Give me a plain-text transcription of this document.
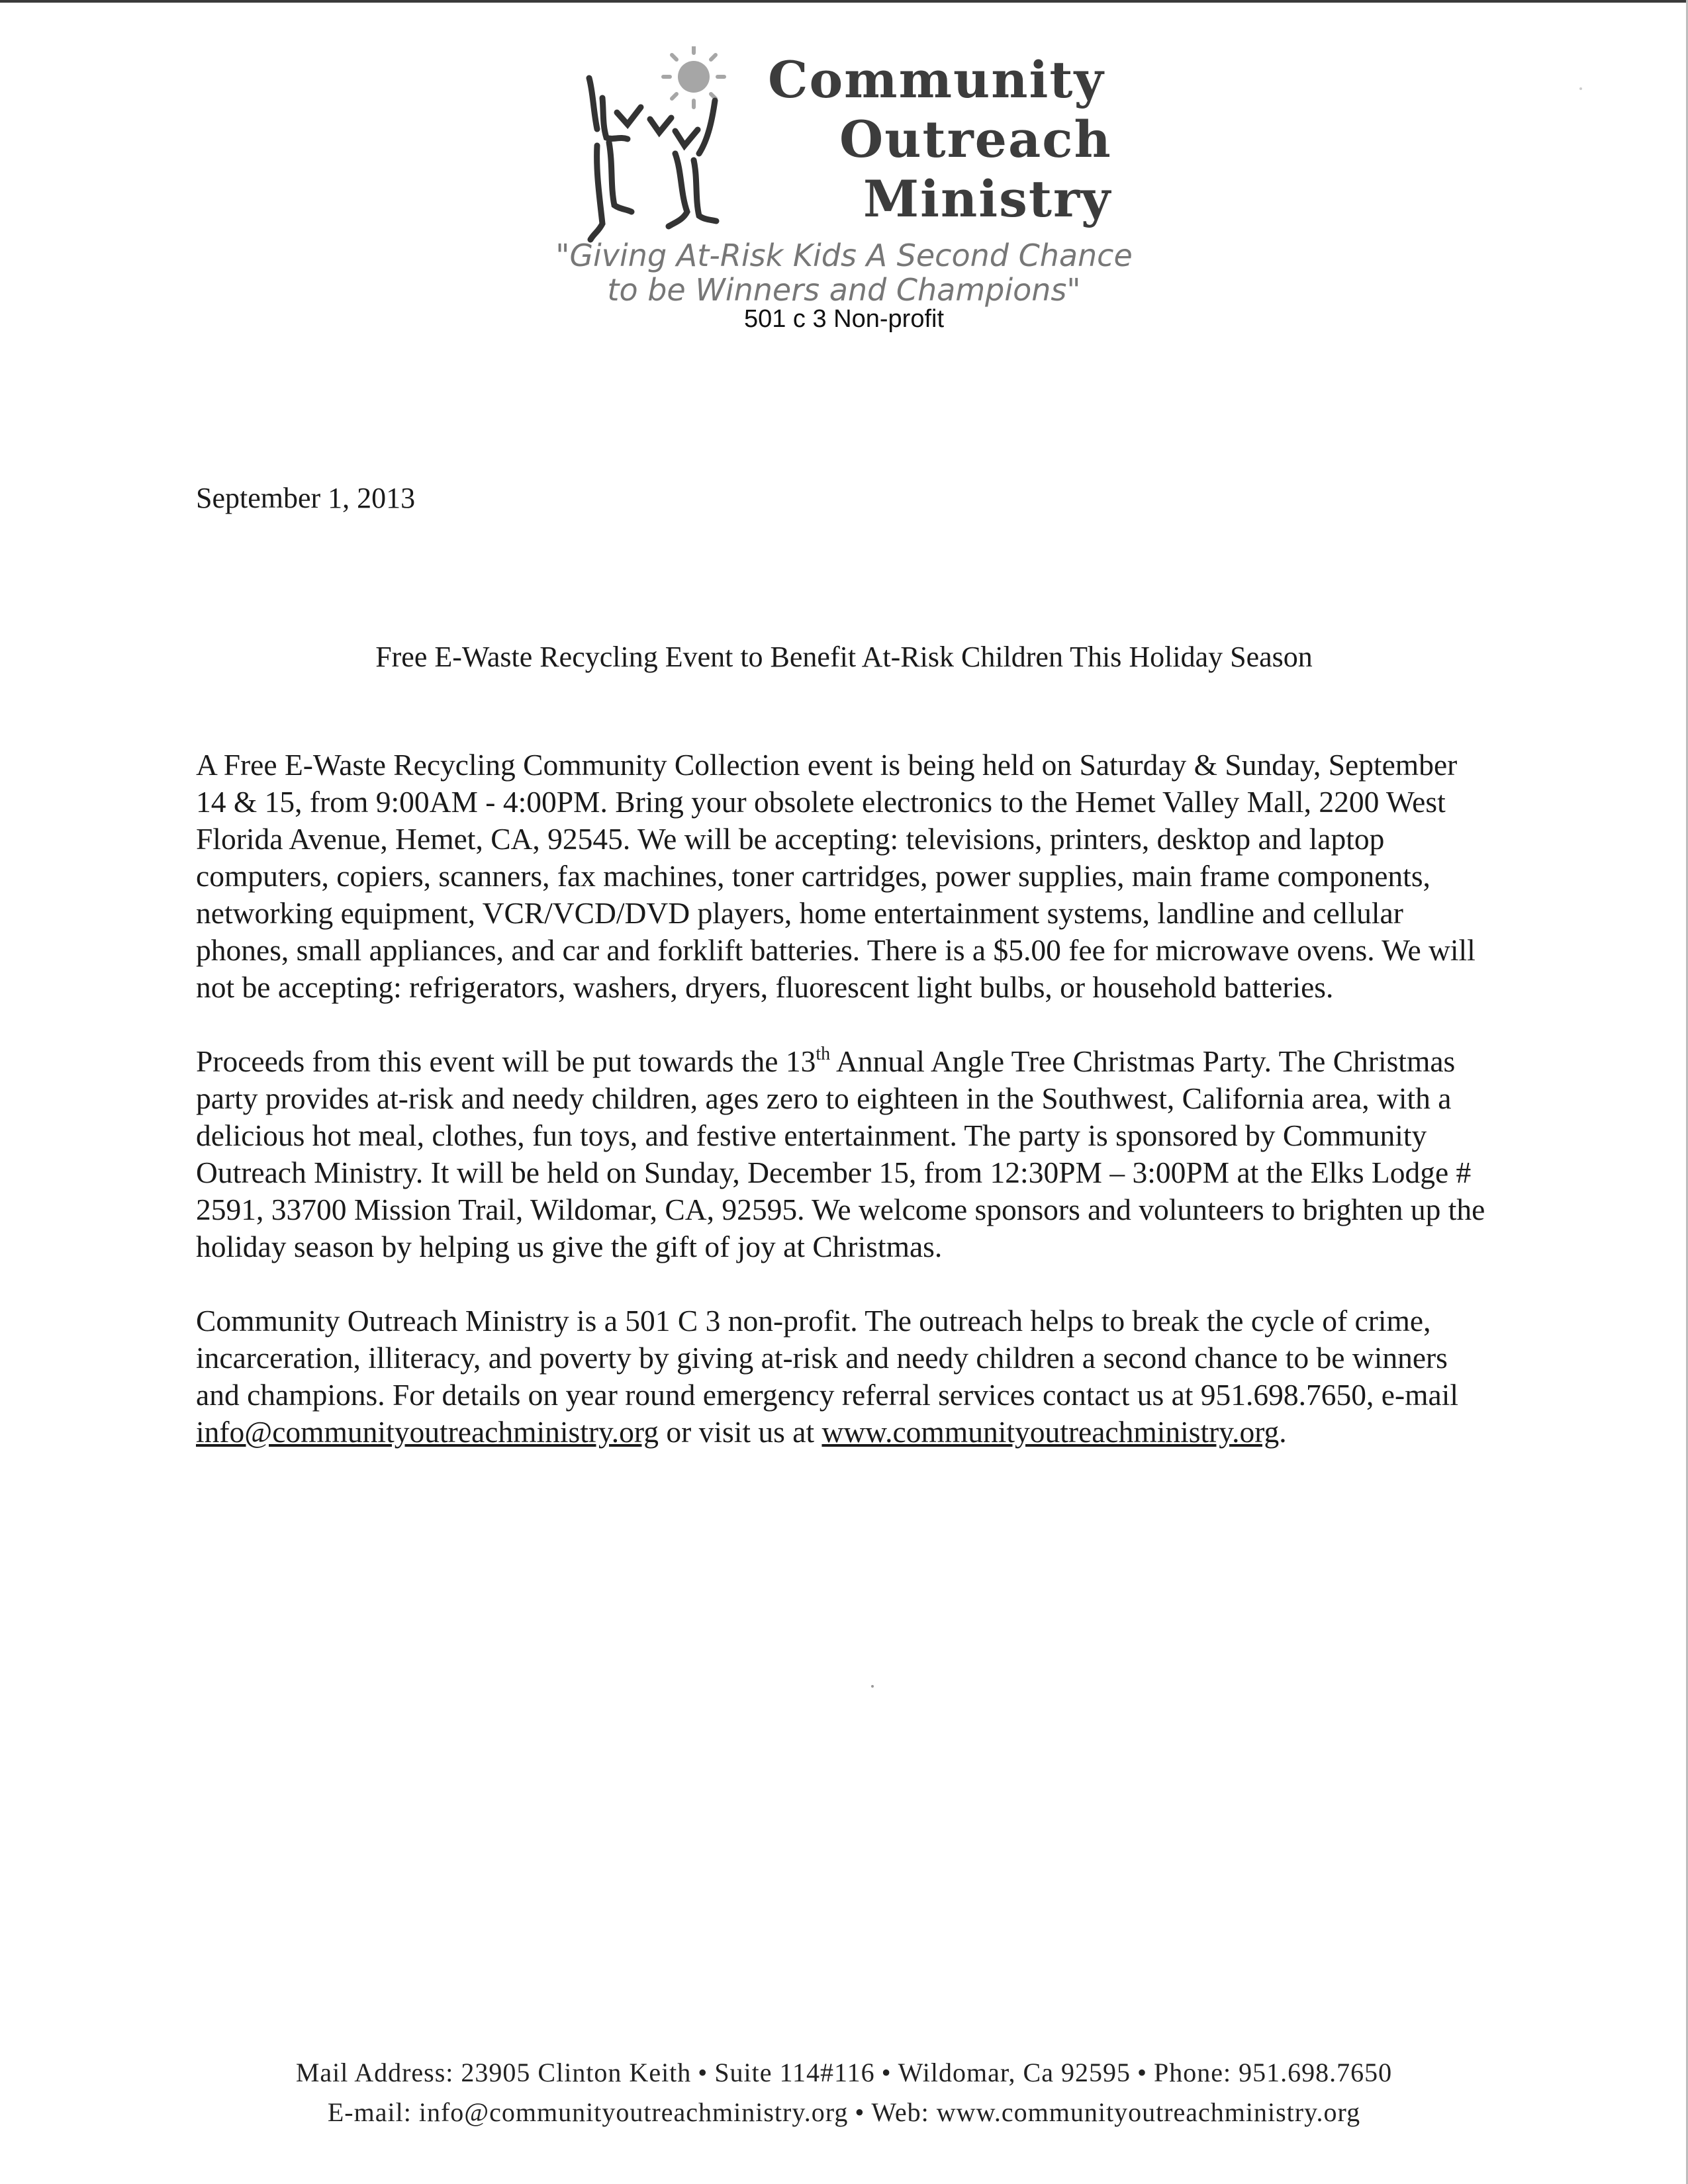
Community
Outreach
Ministry
"Giving At-Risk Kids A Second Chance
to be Winners and Champions"
501 c 3 Non-profit
September 1, 2013
Free E-Waste Recycling Event to Benefit At-Risk Children This Holiday Season

A Free E-Waste Recycling Community Collection event is being held on Saturday & Sunday, September 14 & 15, from 9:00AM - 4:00PM. Bring your obsolete electronics to the Hemet Valley Mall, 2200 West Florida Avenue, Hemet, CA, 92545. We will be accepting: televisions, printers, desktop and laptop computers, copiers, scanners, fax machines, toner cartridges, power supplies, main frame components, networking equipment, VCR/VCD/DVD players, home entertainment systems, landline and cellular phones, small appliances, and car and forklift batteries. There is a $5.00 fee for microwave ovens. We will not be accepting: refrigerators, washers, dryers, fluorescent light bulbs, or household batteries.

Proceeds from this event will be put towards the 13th Annual Angle Tree Christmas Party. The Christmas party provides at-risk and needy children, ages zero to eighteen in the Southwest, California area, with a delicious hot meal, clothes, fun toys, and festive entertainment. The party is sponsored by Community Outreach Ministry. It will be held on Sunday, December 15, from 12:30PM – 3:00PM at the Elks Lodge # 2591, 33700 Mission Trail, Wildomar, CA, 92595. We welcome sponsors and volunteers to brighten up the holiday season by helping us give the gift of joy at Christmas.

Community Outreach Ministry is a 501 C 3 non-profit. The outreach helps to break the cycle of crime, incarceration, illiteracy, and poverty by giving at-risk and needy children a second chance to be winners and champions. For details on year round emergency referral services contact us at 951.698.7650, e-mail info@communityoutreachministry.org or visit us at www.communityoutreachministry.org.

Mail Address: 23905 Clinton Keith • Suite 114#116 • Wildomar, Ca 92595 • Phone: 951.698.7650
E-mail: info@communityoutreachministry.org • Web: www.communityoutreachministry.org
